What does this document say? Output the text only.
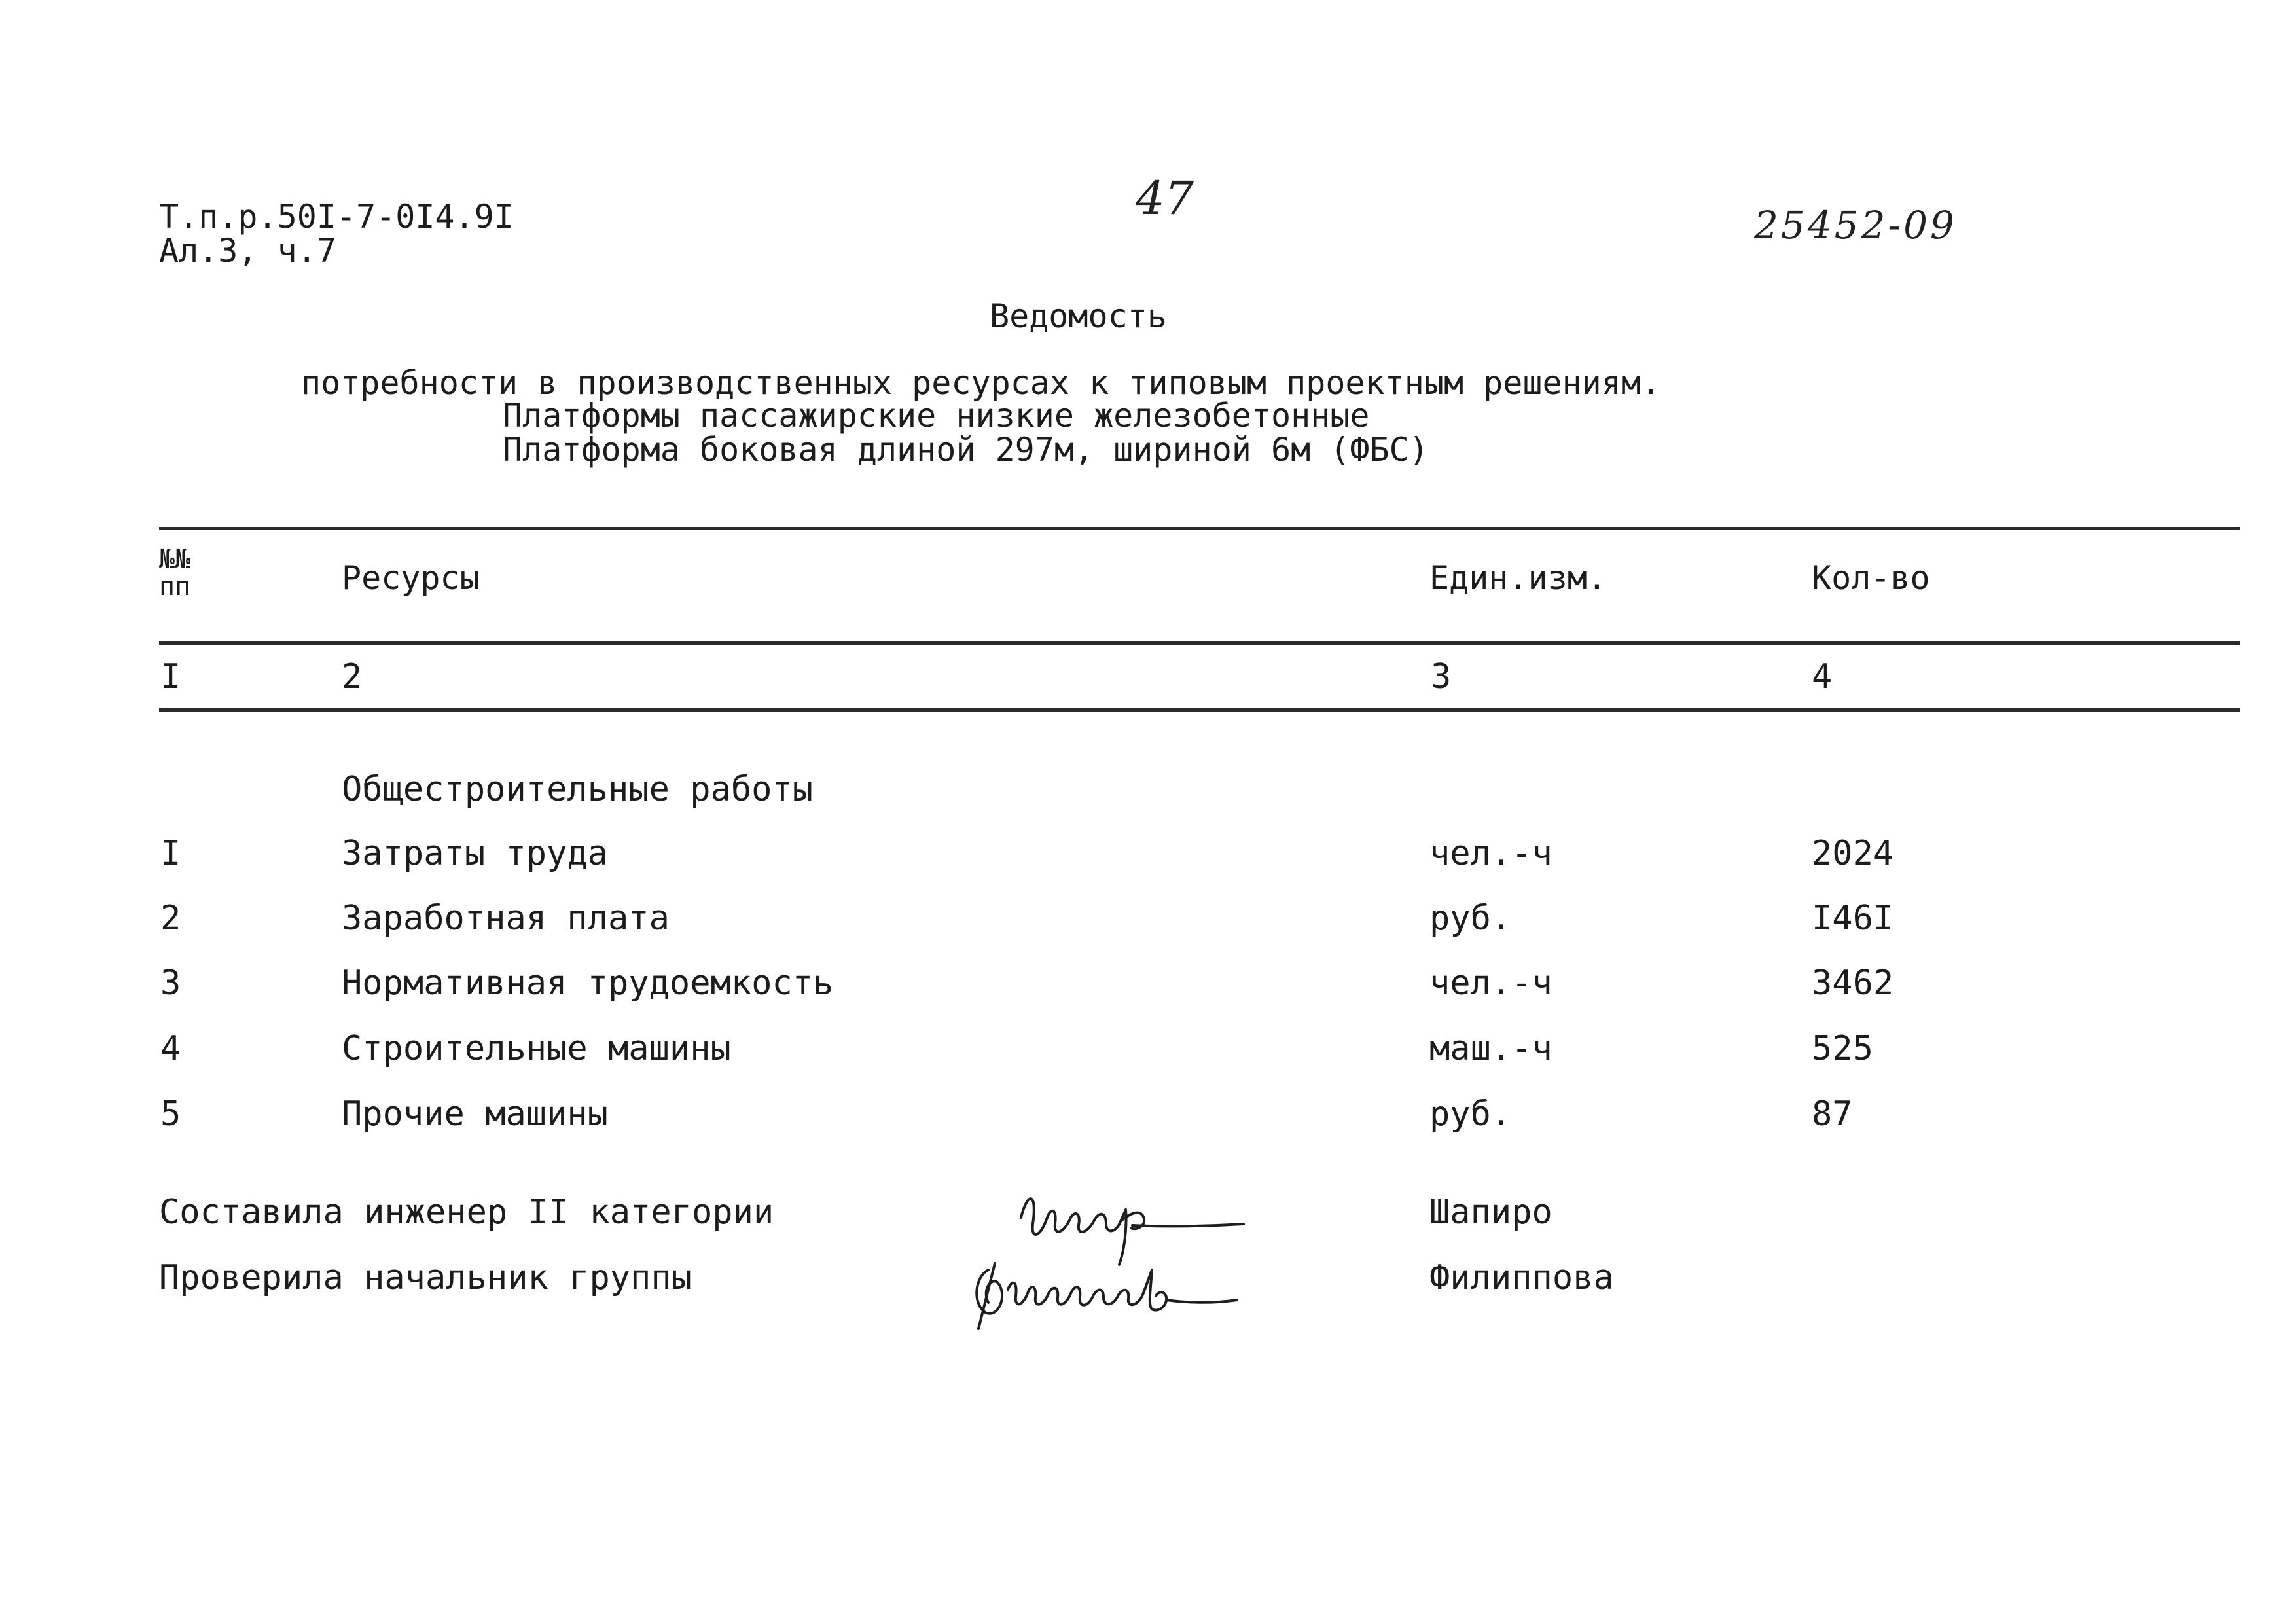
Т.п.р.50I-7-0I4.9I
Ал.3, ч.7
47	25452-09
Ведомость
потребности в производственных ресурсах к типовым проектным решениям.
Платформы пассажирские низкие железобетонные
Платформа боковая длиной 297м, шириной 6м (ФБС)
№№
пп	Ресурсы	Един.изм.	Кол-во
I	2	3	4
Общестроительные работы
I	Затраты труда	чел.-ч	2024
2	Заработная плата	руб.	I46I
3	Нормативная трудоемкость	чел.-ч	3462
4	Строительные машины	маш.-ч	525
5	Прочие машины	руб.	87
Составила инженер II категории	Шапиро
Проверила начальник группы	Филиппова
